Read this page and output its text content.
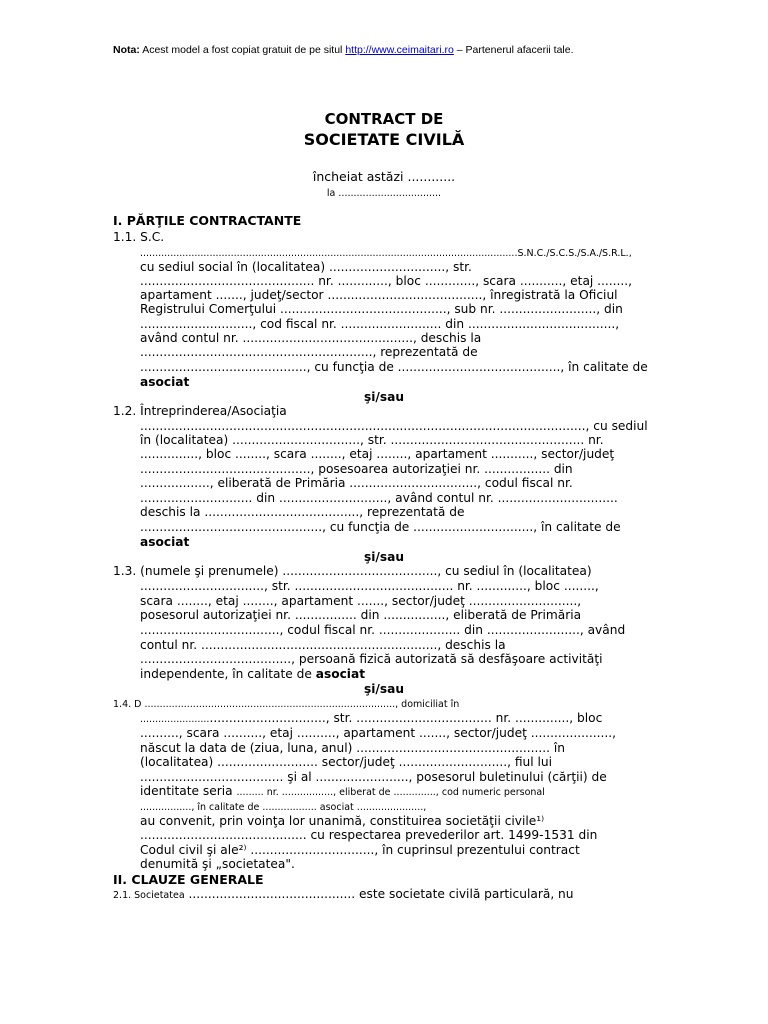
Nota: Acest model a fost copiat gratuit de pe situl http://www.ceimaitari.ro – Partenerul afacerii tale.
CONTRACT DE
SOCIETATE CIVILĂ
încheiat astăzi ............
la ..................................
I. PĂRŢILE CONTRACTANTE
1.1. S.C.
.............................................................................................................................S.N.C./S.C.S./S.A./S.R.L.,
cu sediul social în (localitatea) .............................., str.
............................................. nr. ............., bloc ............., scara ..........., etaj ........,
apartament ......., judeţ/sector ........................................, înregistrată la Oficiul
Registrului Comerţului ..........................................., sub nr. ........................., din
............................., cod fiscal nr. .......................... din ......................................,
având contul nr. ............................................, deschis la
............................................................, reprezentată de
..........................................., cu funcţia de .........................................., în calitate de
asociat
şi/sau
1.2. Întreprinderea/Asociaţia
..................................................................................................................., cu sediul
în (localitatea) ................................., str. .................................................. nr.
..............., bloc ........, scara ........, etaj ........, apartament ..........., sector/judeţ
............................................, posesoarea autorizaţiei nr. ................. din
.................., eliberată de Primăria ................................., codul fiscal nr.
............................. din ............................, având contul nr. ...............................
deschis la ........................................, reprezentată de
..............................................., cu funcţia de ..............................., în calitate de
asociat
şi/sau
1.3. (numele şi prenumele) ........................................, cu sediul în (localitatea)
................................, str. ......................................... nr. ............., bloc ........,
scara ........, etaj ........, apartament ......., sector/judeţ ............................,
posesorul autorizaţiei nr. ................ din ................, eliberată de Primăria
...................................., codul fiscal nr. ..................... din ........................, având
contul nr. ............................................................., deschis la
......................................., persoană fizică autorizată să desfăşoare activităţi
independente, în calitate de asociat
şi/sau
1.4. D ..................................................................................., domiciliat în
....................................................., str. ................................... nr. .............., bloc
.........., scara .........., etaj .........., apartament ......., sector/judeţ .....................,
născut la data de (ziua, luna, anul) .................................................. în
(localitatea) .......................... sector/judeţ ............................, fiul lui
..................................... şi al ........................, posesorul buletinului (cărţii) de
identitate seria ......... nr. ................., eliberat de .............., cod numeric personal
................., în calitate de .................. asociat ......................,
au convenit, prin voinţa lor unanimă, constituirea societăţii civile¹⁾
........................................... cu respectarea prevederilor art. 1499-1531 din
Codul civil şi ale²⁾ ................................, în cuprinsul prezentului contract
denumită şi „societatea".
II. CLAUZE GENERALE
2.1. Societatea ........................................... este societate civilă particulară, nu
